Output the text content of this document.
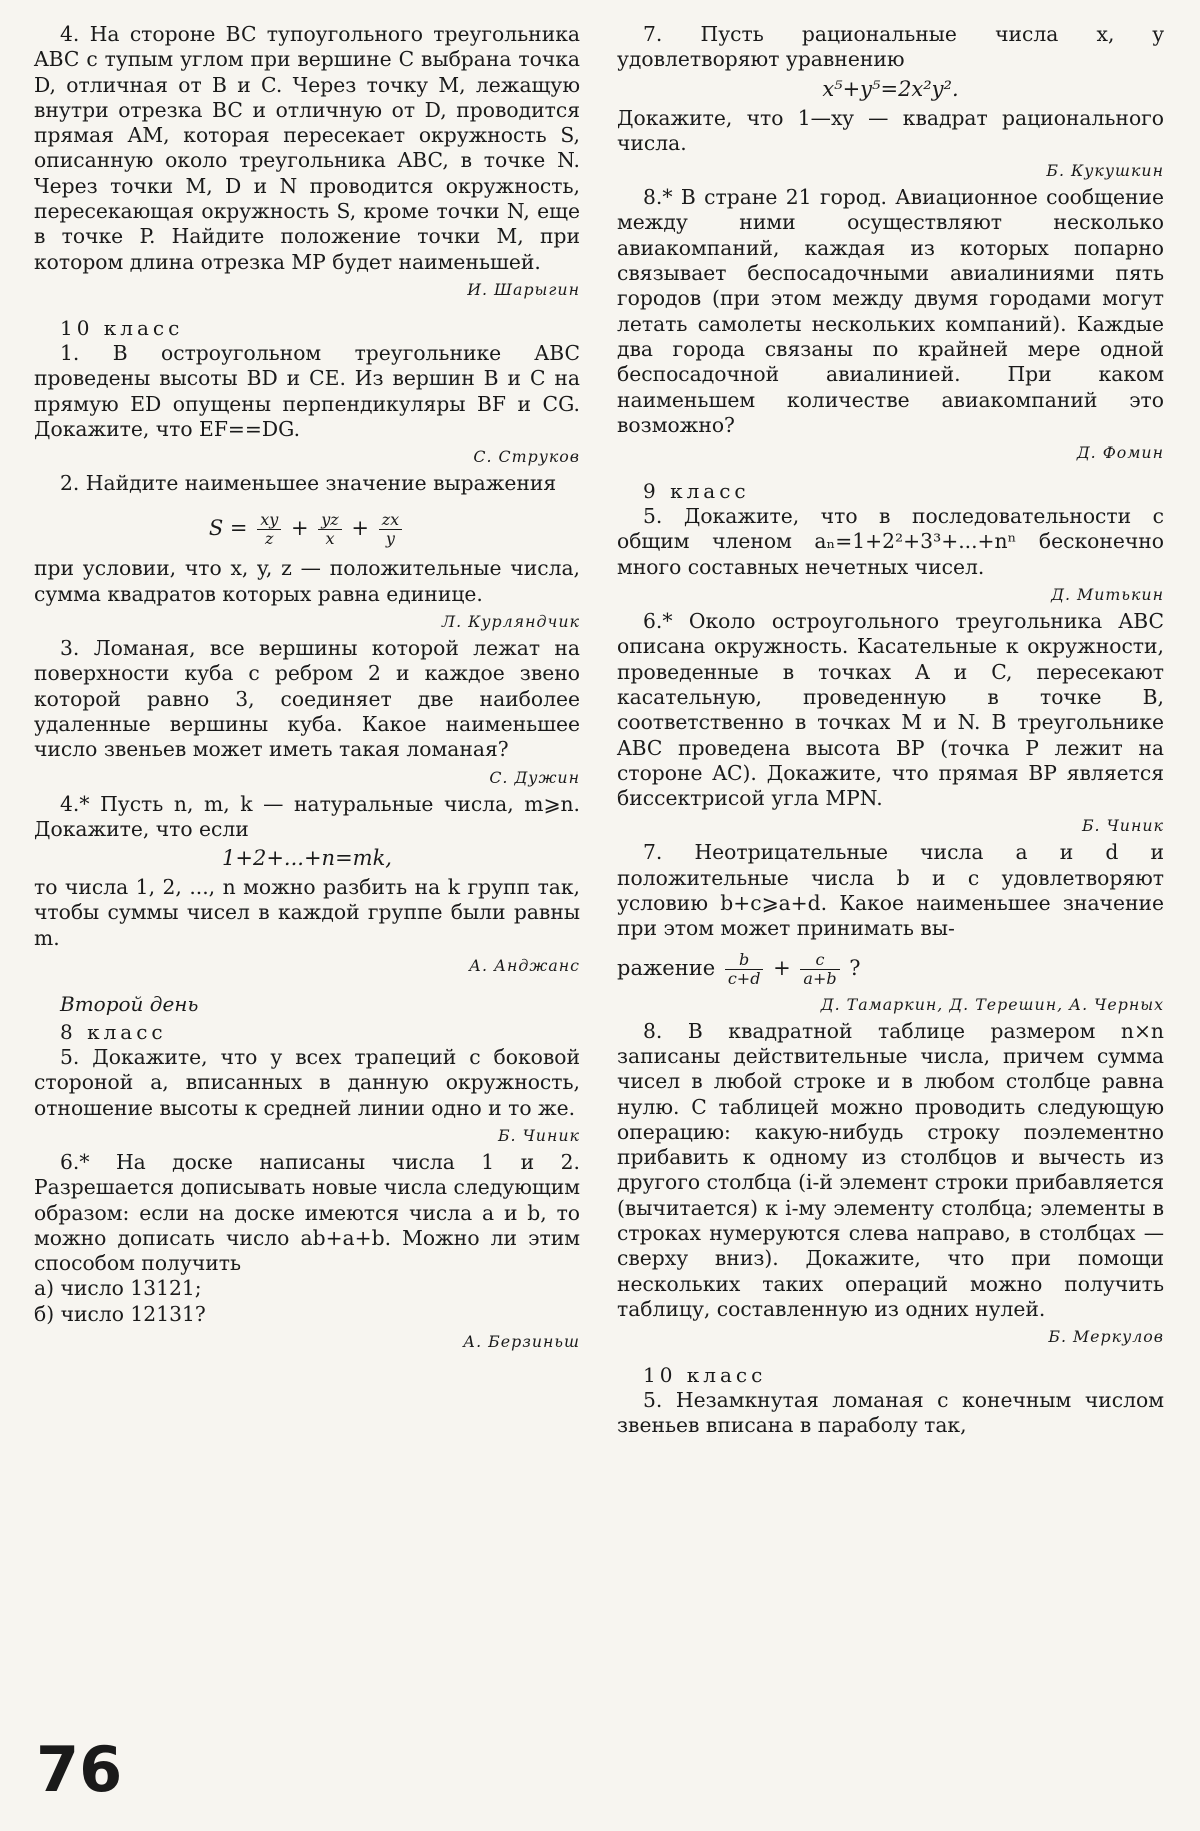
4. На стороне BC тупоугольного треугольника ABC с тупым углом при вершине C выбрана точка D, отличная от B и C. Через точку M, лежащую внутри отрезка BC и отличную от D, проводится прямая AM, которая пересекает окружность S, описанную около треугольника ABC, в точке N. Через точки M, D и N проводится окружность, пересекающая окружность S, кроме точки N, еще в точке P. Найдите положение точки M, при котором длина отрезка MP будет наименьшей.

И. Шарыгин
10 класс

1. В остроугольном треугольнике ABC проведены высоты BD и CE. Из вершин B и C на прямую ED опущены перпендикуляры BF и CG. Докажите, что EF==DG.

С. Струков

2. Найдите наименьшее значение выражения

$S = \frac{xy}{z} + \frac{yz}{x} + \frac{zx}{y}$

при условии, что x, y, z — положительные числа, сумма квадратов которых равна единице.

Л. Курляндчик

3. Ломаная, все вершины которой лежат на поверхности куба с ребром 2 и каждое звено которой равно 3, соединяет две наиболее удаленные вершины куба. Какое наименьшее число звеньев может иметь такая ломаная?

С. Дужин

4.* Пусть n, m, k — натуральные числа, m⩾n. Докажите, что если

1+2+...+n=mk,

то числа 1, 2, ..., n можно разбить на k групп так, чтобы суммы чисел в каждой группе были равны m.

А. Анджанс
Второй день
8 класс

5. Докажите, что у всех трапеций с боковой стороной a, вписанных в данную окружность, отношение высоты к средней линии одно и то же.

Б. Чиник

6.* На доске написаны числа 1 и 2. Разрешается дописывать новые числа следующим образом: если на доске имеются числа a и b, то можно дописать число ab+a+b. Можно ли этим способом получить

а) число 13121;

б) число 12131?

А. Берзиньш

7. Пусть рациональные числа x, y удовлетворяют уравнению

x⁵+y⁵=2x²y².

Докажите, что 1—xy — квадрат рационального числа.

Б. Кукушкин

8.* В стране 21 город. Авиационное сообщение между ними осуществляют несколько авиакомпаний, каждая из которых попарно связывает беспосадочными авиалиниями пять городов (при этом между двумя городами могут летать самолеты нескольких компаний). Каждые два города связаны по крайней мере одной беспосадочной авиалинией. При каком наименьшем количестве авиакомпаний это возможно?

Д. Фомин
9 класс

5. Докажите, что в последовательности с общим членом aₙ=1+2²+3³+...+nⁿ бесконечно много составных нечетных чисел.

Д. Митькин

6.* Около остроугольного треугольника ABC описана окружность. Касательные к окружности, проведенные в точках A и C, пересекают касательную, проведенную в точке B, соответственно в точках M и N. В треугольнике ABC проведена высота BP (точка P лежит на стороне AC). Докажите, что прямая BP является биссектрисой угла MPN.

Б. Чиник

7. Неотрицательные числа a и d и положительные числа b и c удовлетворяют условию b+c⩾a+d. Какое наименьшее значение при этом может принимать вы-

ражение $\frac{b}{c+d} + \frac{c}{a+b}$ ?
Д. Тамаркин, Д. Терешин, А. Черных

8. В квадратной таблице размером n×n записаны действительные числа, причем сумма чисел в любой строке и в любом столбце равна нулю. С таблицей можно проводить следующую операцию: какую-нибудь строку поэлементно прибавить к одному из столбцов и вычесть из другого столбца (i-й элемент строки прибавляется (вычитается) к i-му элементу столбца; элементы в строках нумеруются слева направо, в столбцах — сверху вниз). Докажите, что при помощи нескольких таких операций можно получить таблицу, составленную из одних нулей.

Б. Меркулов
10 класс

5. Незамкнутая ломаная с конечным числом звеньев вписана в параболу так,

76
